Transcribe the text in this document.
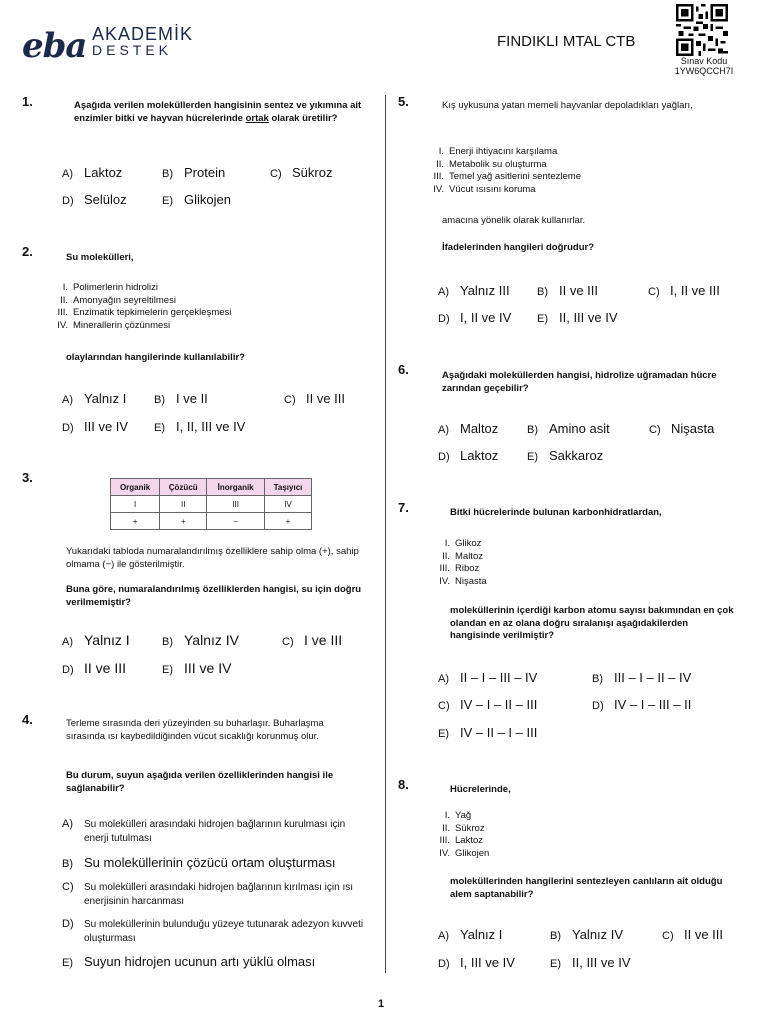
eba AKADEMİK
DESTEK	FINDIKLI MTAL CTB
Sınav Kodu
1YW6QCCH7I
1.	Aşağıda verilen moleküllerden hangisinin sentez ve yıkımına ait enzimler bitki ve hayvan hücrelerinde ortak olarak üretilir?
A) Laktoz	B) Protein	C) Sükroz
D) Selüloz	E) Glikojen
2.	Su molekülleri,
I. Polimerlerin hidrolizi
II. Amonyağın seyreltilmesi
III. Enzimatik tepkimelerin gerçekleşmesi
IV. Minerallerin çözünmesi
olaylarından hangilerinde kullanılabilir?
A) Yalnız I	B) I ve II	C) II ve III
D) III ve IV E) I, II, III ve IV
3.
Organik	Çözücü	İnorganik	Taşıyıcı
I	II	III	IV
+	+	−	+
Yukarıdaki tabloda numaralandırılmış özelliklere sahip olma (+), sahip olmama (−) ile gösterilmiştir.
Buna göre, numaralandırılmış özelliklerden hangisi, su için doğru verilmemiştir?
A) Yalnız I	B) Yalnız IV	C) I ve III
D) II ve III	E) III ve IV
4.	Terleme sırasında deri yüzeyinden su buharlaşır. Buharlaşma sırasında ısı kaybedildiğinden vücut sıcaklığı korunmuş olur.
Bu durum, suyun aşağıda verilen özelliklerinden hangisi ile sağlanabilir?
A)	Su molekülleri arasındaki hidrojen bağlarının kurulması için enerji tutulması
B) Su moleküllerinin çözücü ortam oluşturması
C)	Su molekülleri arasındaki hidrojen bağlarının kırılması için ısı enerjisinin harcanması
D)	Su moleküllerinin bulunduğu yüzeye tutunarak adezyon kuvveti oluşturması
E) Suyun hidrojen ucunun artı yüklü olması
5.	Kış uykusuna yatan memeli hayvanlar depoladıkları yağları,
I. Enerji ihtiyacını karşılama
II. Metabolik su oluşturma
III. Temel yağ asitlerini sentezleme
IV. Vücut ısısını koruma
amacına yönelik olarak kullanırlar.
İfadelerinden hangileri doğrudur?
A) Yalnız III B) II ve III	C) I, II ve III
D) I, II ve IV E) II, III ve IV
6.	Aşağıdaki moleküllerden hangisi, hidrolize uğramadan hücre zarından geçebilir?
A) Maltoz	B) Amino asit	C) Nişasta
D) Laktoz	E) Sakkaroz
7.	Bitki hücrelerinde bulunan karbonhidratlardan,
I. Glikoz
II. Maltoz
III. Riboz
IV. Nişasta
moleküllerinin içerdiği karbon atomu sayısı bakımından en çok olandan en az olana doğru sıralanışı aşağıdakilerden hangisinde verilmiştir?
A) II – I – III – IV	B) III – I – II – IV
C) IV – I – II – III	D) IV – I – III – II
E) IV – II – I – III
8.	Hücrelerinde,
I. Yağ
II. Sükroz
III. Laktoz
IV. Glikojen
moleküllerinden hangilerini sentezleyen canlıların ait olduğu alem saptanabilir?
A) Yalnız I	B) Yalnız IV	C) II ve III
D) I, III ve IV	E) II, III ve IV
1
